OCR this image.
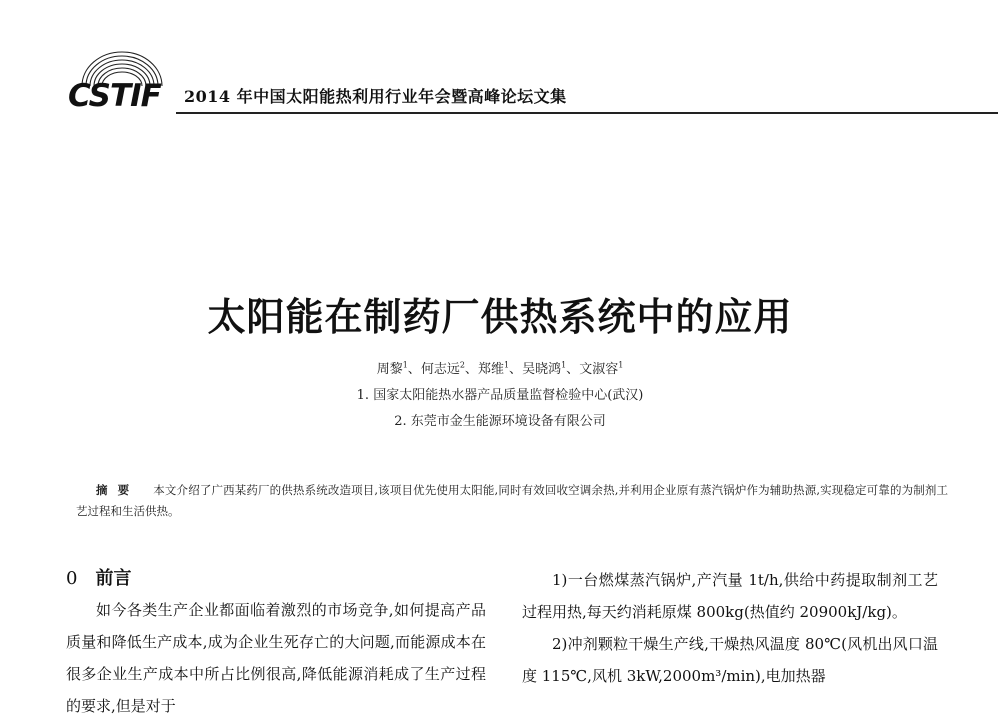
CSTIF 2014 年中国太阳能热利用行业年会暨高峰论坛文集
太阳能在制药厂供热系统中的应用
周黎$^1$、何志远$^2$、郑维$^1$、吴晓鸿$^1$、文淑容$^1$
1. 国家太阳能热水器产品质量监督检验中心(武汉)
2. 东莞市金生能源环境设备有限公司
摘要 本文介绍了广西某药厂的供热系统改造项目,该项目优先使用太阳能,同时有效回收空调余热,并利用企业原有蒸汽锅炉作为辅助热源,实现稳定可靠的为制剂工艺过程和生活供热。

0 前言

如今各类生产企业都面临着激烈的市场竞争,如何提高产品质量和降低生产成本,成为企业生死存亡的大问题,而能源成本在很多企业生产成本中所占比例很高,降低能源消耗成了生产过程的要求,但是对于

1)一台燃煤蒸汽锅炉,产汽量 1t/h,供给中药提取制剂工艺过程用热,每天约消耗原煤 800kg(热值约 20900kJ/kg)。

2)冲剂颗粒干燥生产线,干燥热风温度 80℃(风机出风口温度 115℃,风机 3kW,2000m³/min),电加热器
